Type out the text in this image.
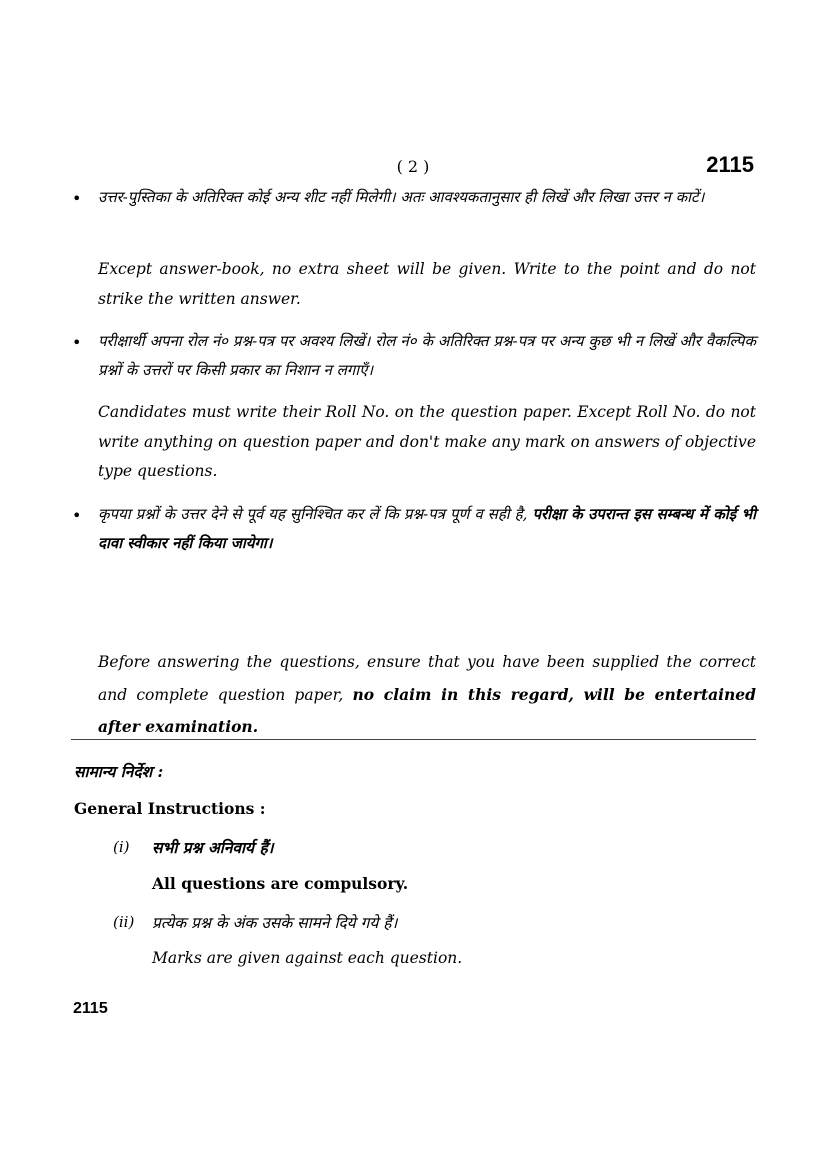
( 2 )	2115
• उत्तर-पुस्तिका के अतिरिक्त कोई अन्य शीट नहीं मिलेगी। अतः आवश्यकतानुसार ही लिखें और लिखा उत्तर न काटें।
Except answer-book, no extra sheet will be given. Write to the point and do not strike the written answer.
• परीक्षार्थी अपना रोल नं० प्रश्न-पत्र पर अवश्य लिखें। रोल नं० के अतिरिक्त प्रश्न-पत्र पर अन्य कुछ भी न लिखें और वैकल्पिक प्रश्नों के उत्तरों पर किसी प्रकार का निशान न लगाएँ।
Candidates must write their Roll No. on the question paper. Except Roll No. do not write anything on question paper and don't make any mark on answers of objective type questions.
• कृपया प्रश्नों के उत्तर देने से पूर्व यह सुनिश्चित कर लें कि प्रश्न-पत्र पूर्ण व सही है, परीक्षा के उपरान्त इस सम्बन्ध में कोई भी दावा स्वीकार नहीं किया जायेगा।
Before answering the questions, ensure that you have been supplied the correct and complete question paper, no claim in this regard, will be entertained after examination.
सामान्य निर्देश :
General Instructions :
(i) सभी प्रश्न अनिवार्य हैं।
All questions are compulsory.
(ii) प्रत्येक प्रश्न के अंक उसके सामने दिये गये हैं।
Marks are given against each question.
2115
